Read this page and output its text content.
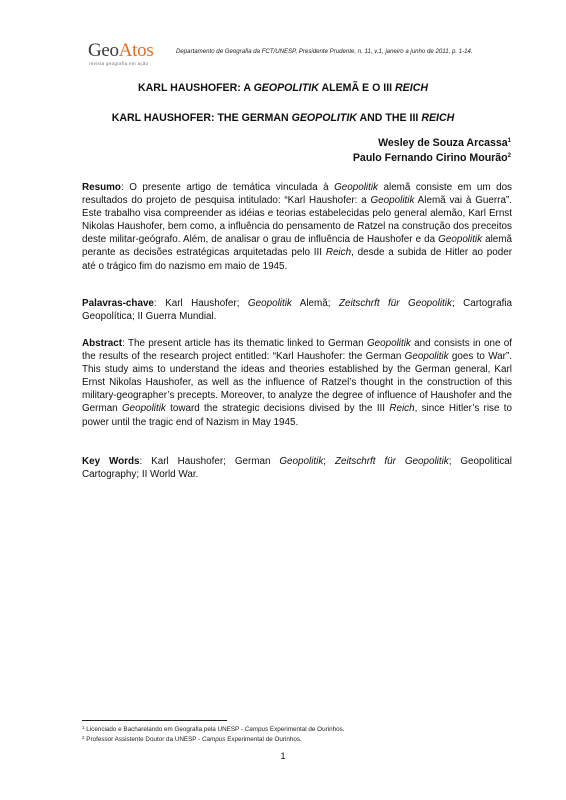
GeoAtos
revista geografia em ação
Departamento de Geografia da FCT/UNESP, Presidente Prudente, n. 11, v.1, janeiro a junho de 2011, p. 1-14.
KARL HAUSHOFER: A GEOPOLITIK ALEMÃ E O III REICH
KARL HAUSHOFER: THE GERMAN GEOPOLITIK AND THE III REICH
Wesley de Souza Arcassa$^1$
Paulo Fernando Cirino Mourão$^2$

Resumo: O presente artigo de temática vinculada à Geopolitik alemã consiste em um dos resultados do projeto de pesquisa intitulado: “Karl Haushofer: a Geopolitik Alemã vai à Guerra”. Este trabalho visa compreender as idéias e teorias estabelecidas pelo general alemão, Karl Ernst Nikolas Haushofer, bem como, a influência do pensamento de Ratzel na construção dos preceitos deste militar-geógrafo. Além, de analisar o grau de influência de Haushofer e da Geopolitik alemã perante as decisões estratégicas arquitetadas pelo III Reich, desde a subida de Hitler ao poder até o trágico fim do nazismo em maio de 1945.

Palavras-chave: Karl Haushofer; Geopolitik Alemã; Zeitschrft für Geopolitik; Cartografia Geopolítica; II Guerra Mundial.

Abstract: The present article has its thematic linked to German Geopolitik and consists in one of the results of the research project entitled: “Karl Haushofer: the German Geopolitik goes to War”. This study aims to understand the ideas and theories established by the German general, Karl Ernst Nikolas Haushofer, as well as the influence of Ratzel’s thought in the construction of this military-geographer’s precepts. Moreover, to analyze the degree of influence of Haushofer and the German Geopolitik toward the strategic decisions divised by the III Reich, since Hitler’s rise to power until the tragic end of Nazism in May 1945.

Key Words: Karl Haushofer; German Geopolitik; Zeitschrft für Geopolitik; Geopolitical Cartography; II World War.

$^1$ Licenciado e Bacharelando em Geografia pela UNESP - Campus Experimental de Ourinhos.
$^2$ Professor Assistente Doutor da UNESP - Campus Experimental de Ourinhos.
1
